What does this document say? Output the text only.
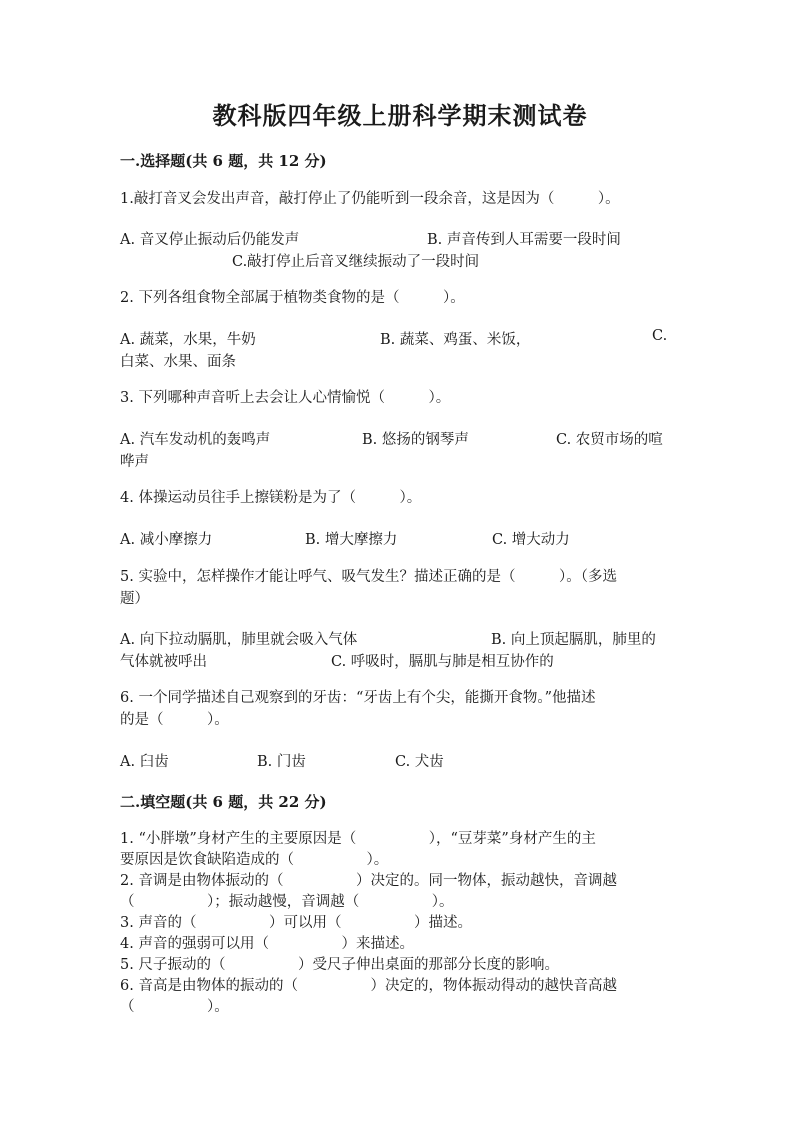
教科版四年级上册科学期末测试卷
一.选择题(共 6 题，共 12 分)
1.敲打音叉会发出声音，敲打停止了仍能听到一段余音，这是因为（　　　）。
A. 音叉停止振动后仍能发声	B. 声音传到人耳需要一段时间
C.敲打停止后音叉继续振动了一段时间
2. 下列各组食物全部属于植物类食物的是（　　　）。
A. 蔬菜，水果，牛奶	B. 蔬菜、鸡蛋、米饭，	C.
白菜、水果、面条
3. 下列哪种声音听上去会让人心情愉悦（　　　）。
A. 汽车发动机的轰鸣声	B. 悠扬的钢琴声	C. 农贸市场的喧
哗声
4. 体操运动员往手上擦镁粉是为了（　　　）。
A. 减小摩擦力	B. 增大摩擦力	C. 增大动力
5. 实验中，怎样操作才能让呼气、吸气发生？描述正确的是（　　　）。（多选
题）
A. 向下拉动膈肌，肺里就会吸入气体	B. 向上顶起膈肌，肺里的
气体就被呼出	C. 呼吸时，膈肌与肺是相互协作的
6. 一个同学描述自己观察到的牙齿：“牙齿上有个尖，能撕开食物。”他描述
的是（　　　）。
A. 臼齿	B. 门齿	C. 犬齿
二.填空题(共 6 题，共 22 分)
1. “小胖墩”身材产生的主要原因是（　　　　　），“豆芽菜”身材产生的主
要原因是饮食缺陷造成的（　　　　　）。
2. 音调是由物体振动的（　　　　　）决定的。同一物体，振动越快，音调越
（　　　　　）；振动越慢，音调越（　　　　　）。
3. 声音的（　　　　　）可以用（　　　　　）描述。
4. 声音的强弱可以用（　　　　　）来描述。
5. 尺子振动的（　　　　　）受尺子伸出桌面的那部分长度的影响。
6. 音高是由物体的振动的（　　　　　）决定的，物体振动得动的越快音高越
（　　　　　）。
